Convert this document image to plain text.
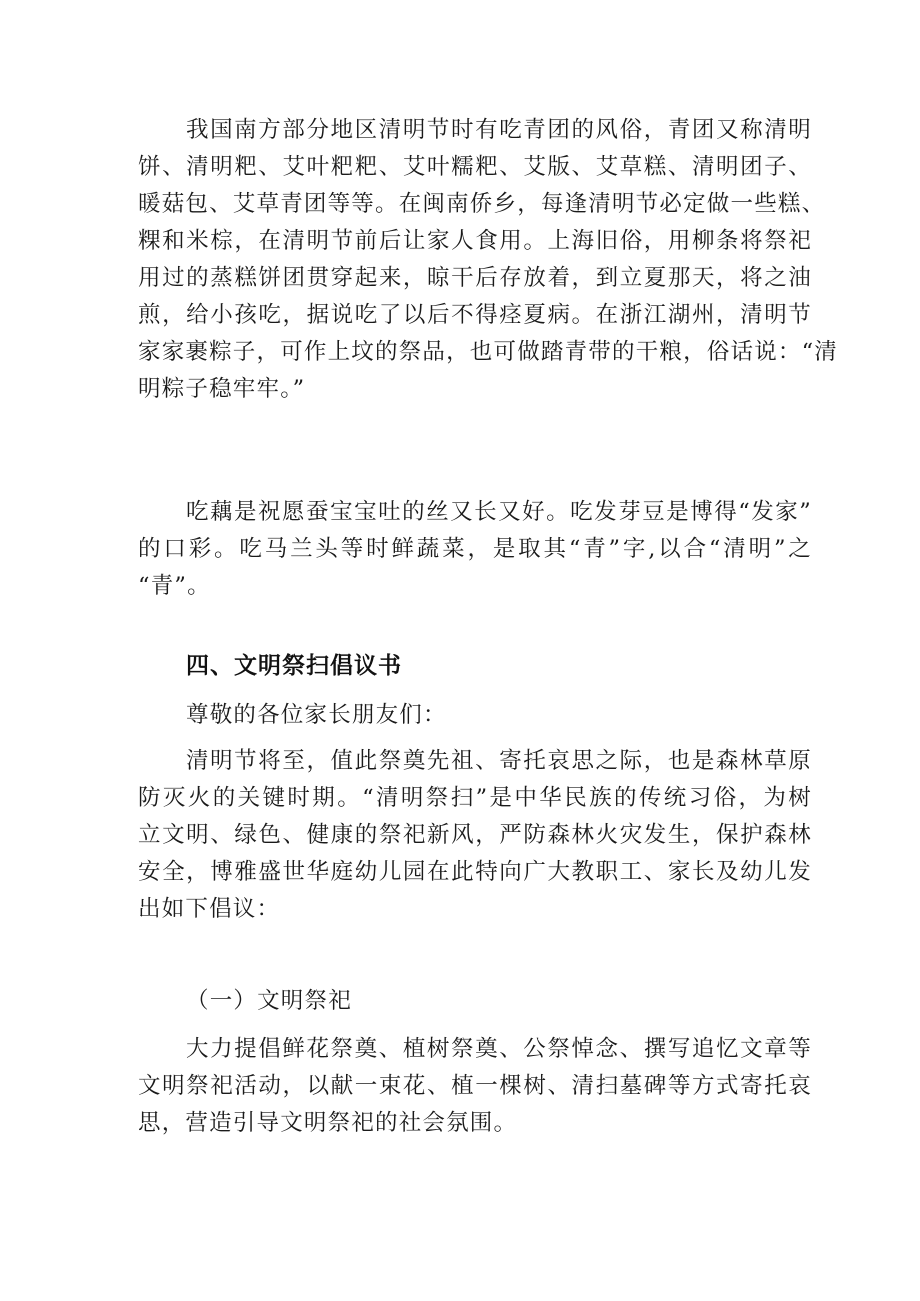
我国南方部分地区清明节时有吃青团的风俗，青团又称清明
饼、清明粑、艾叶粑粑、艾叶糯粑、艾版、艾草糕、清明团子、
暖菇包、艾草青团等等。在闽南侨乡，每逢清明节必定做一些糕、
粿和米棕，在清明节前后让家人食用。上海旧俗，用柳条将祭祀
用过的蒸糕饼团贯穿起来，晾干后存放着，到立夏那天，将之油
煎，给小孩吃，据说吃了以后不得痉夏病。在浙江湖州，清明节
家家裹粽子，可作上坟的祭品，也可做踏青带的干粮，俗话说：“清
明粽子稳牢牢。”
吃藕是祝愿蚕宝宝吐的丝又长又好。吃发芽豆是博得“发家”
的口彩。吃马兰头等时鲜蔬菜，是取其“青”字,以合“清明”之
“青”。
四、文明祭扫倡议书

尊敬的各位家长朋友们：

清明节将至，值此祭奠先祖、寄托哀思之际，也是森林草原
防灭火的关键时期。“清明祭扫”是中华民族的传统习俗，为树
立文明、绿色、健康的祭祀新风，严防森林火灾发生，保护森林
安全，博雅盛世华庭幼儿园在此特向广大教职工、家长及幼儿发
出如下倡议：

（一）文明祭祀

大力提倡鲜花祭奠、植树祭奠、公祭悼念、撰写追忆文章等
文明祭祀活动，以献一束花、植一棵树、清扫墓碑等方式寄托哀
思，营造引导文明祭祀的社会氛围。
